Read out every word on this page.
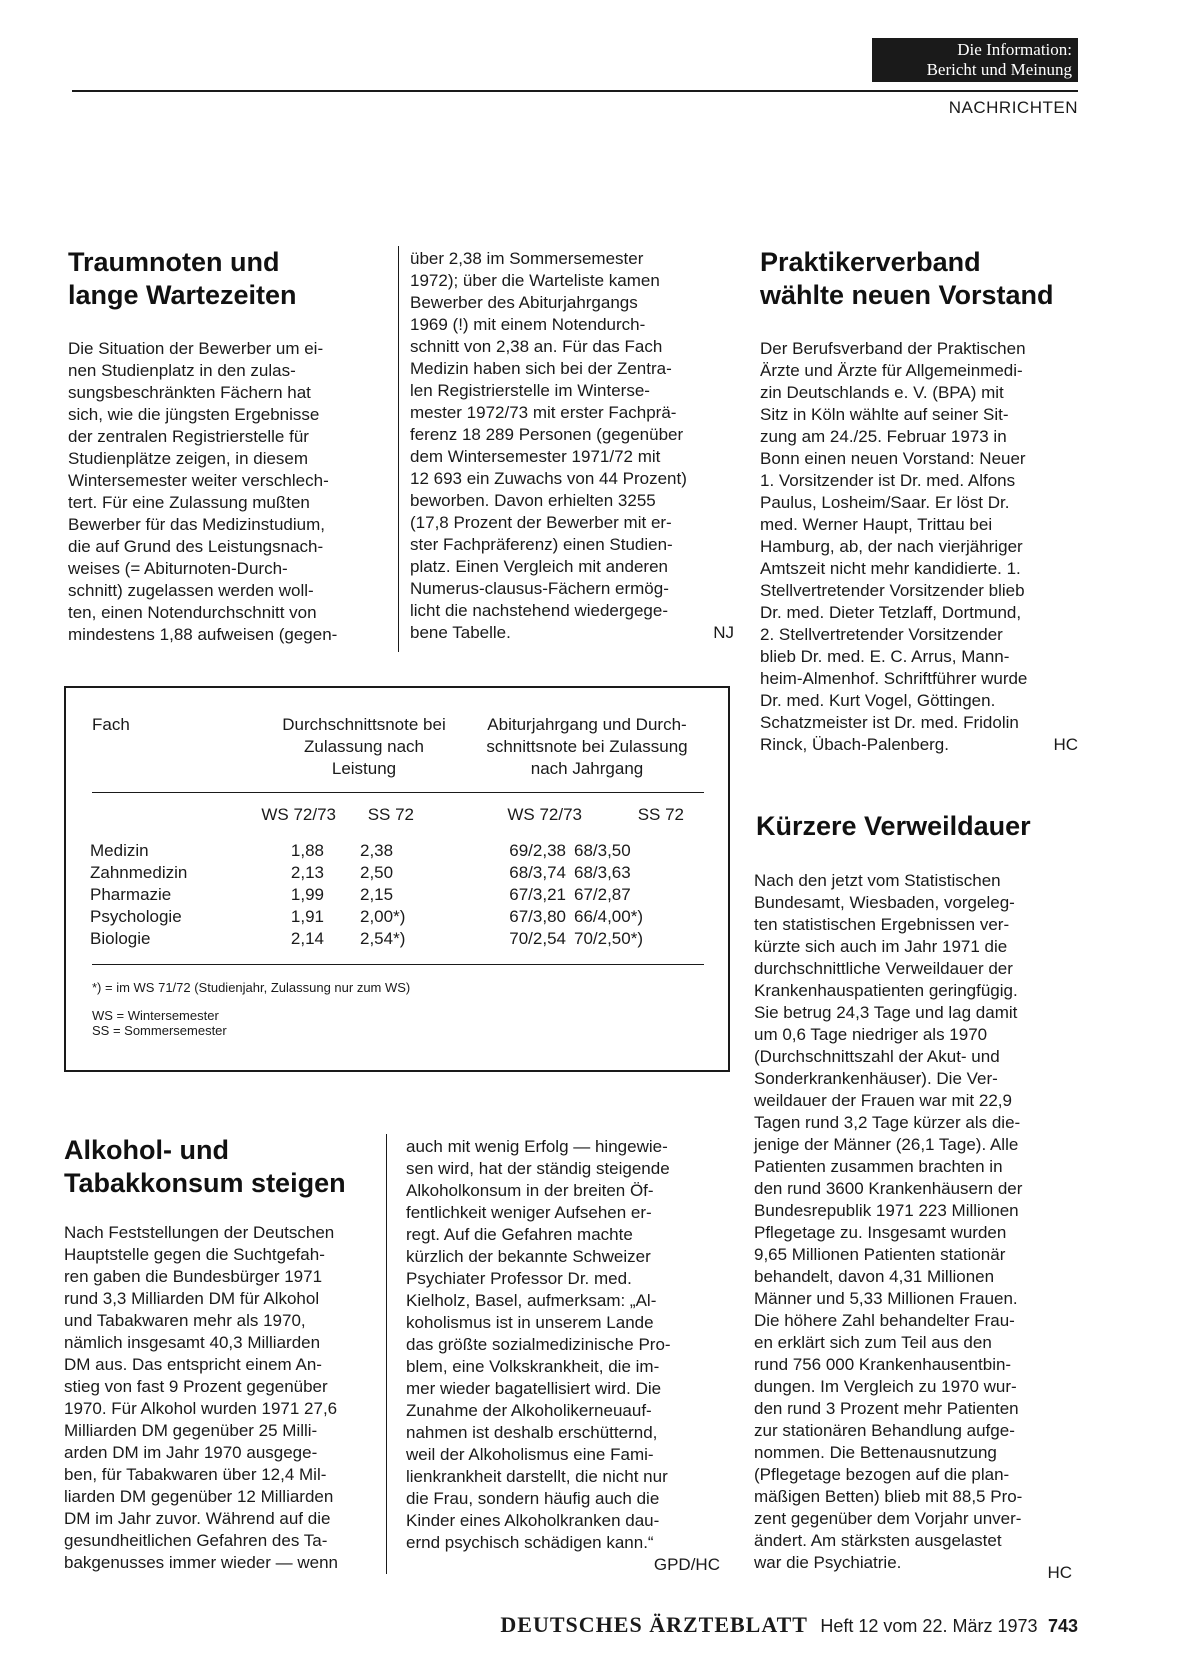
Die Information:
Bericht und Meinung
NACHRICHTEN
Traumnoten und
lange Wartezeiten
Die Situation der Bewerber um ei-
nen Studienplatz in den zulas-
sungsbeschränkten Fächern hat
sich, wie die jüngsten Ergebnisse
der zentralen Registrierstelle für
Studienplätze zeigen, in diesem
Wintersemester weiter verschlech-
tert. Für eine Zulassung mußten
Bewerber für das Medizinstudium,
die auf Grund des Leistungsnach-
weises (= Abiturnoten-Durch-
schnitt) zugelassen werden woll-
ten, einen Notendurchschnitt von
mindestens 1,88 aufweisen (gegen-
über 2,38 im Sommersemester
1972); über die Warteliste kamen
Bewerber des Abiturjahrgangs
1969 (!) mit einem Notendurch-
schnitt von 2,38 an. Für das Fach
Medizin haben sich bei der Zentra-
len Registrierstelle im Winterse-
mester 1972/73 mit erster Fachprä-
ferenz 18 289 Personen (gegenüber
dem Wintersemester 1971/72 mit
12 693 ein Zuwachs von 44 Prozent)
beworben. Davon erhielten 3255
(17,8 Prozent der Bewerber mit er-
ster Fachpräferenz) einen Studien-
platz. Einen Vergleich mit anderen
Numerus-clausus-Fächern ermög-
licht die nachstehend wiedergege-
bene Tabelle.	NJ
Fach	Durchschnittsnote bei
Zulassung nach
Leistung
Abiturjahrgang und Durch-
schnittsnote bei Zulassung
nach Jahrgang
WS 72/73	SS 72	WS 72/73	SS 72
Medizin	1,88 2,38	69/2,38 68/3,50
Zahnmedizin	2,13 2,50	68/3,74 68/3,63
Pharmazie	1,99 2,15	67/3,21 67/2,87
Psychologie	1,91 2,00*)	67/3,80 66/4,00*)
Biologie	2,14 2,54*)	70/2,54 70/2,50*)
*) = im WS 71/72 (Studienjahr, Zulassung nur zum WS)
WS = Wintersemester
SS = Sommersemester
Praktikerverband
wählte neuen Vorstand
Der Berufsverband der Praktischen
Ärzte und Ärzte für Allgemeinmedi-
zin Deutschlands e. V. (BPA) mit
Sitz in Köln wählte auf seiner Sit-
zung am 24./25. Februar 1973 in
Bonn einen neuen Vorstand: Neuer
1. Vorsitzender ist Dr. med. Alfons
Paulus, Losheim/Saar. Er löst Dr.
med. Werner Haupt, Trittau bei
Hamburg, ab, der nach vierjähriger
Amtszeit nicht mehr kandidierte. 1.
Stellvertretender Vorsitzender blieb
Dr. med. Dieter Tetzlaff, Dortmund,
2. Stellvertretender Vorsitzender
blieb Dr. med. E. C. Arrus, Mann-
heim-Almenhof. Schriftführer wurde
Dr. med. Kurt Vogel, Göttingen.
Schatzmeister ist Dr. med. Fridolin
Rinck, Übach-Palenberg.	HC
Kürzere Verweildauer
Nach den jetzt vom Statistischen
Bundesamt, Wiesbaden, vorgeleg-
ten statistischen Ergebnissen ver-
kürzte sich auch im Jahr 1971 die
durchschnittliche Verweildauer der
Krankenhauspatienten geringfügig.
Sie betrug 24,3 Tage und lag damit
um 0,6 Tage niedriger als 1970
(Durchschnittszahl der Akut- und
Sonderkrankenhäuser). Die Ver-
weildauer der Frauen war mit 22,9
Tagen rund 3,2 Tage kürzer als die-
jenige der Männer (26,1 Tage). Alle
Patienten zusammen brachten in
den rund 3600 Krankenhäusern der
Bundesrepublik 1971 223 Millionen
Pflegetage zu. Insgesamt wurden
9,65 Millionen Patienten stationär
behandelt, davon 4,31 Millionen
Männer und 5,33 Millionen Frauen.
Die höhere Zahl behandelter Frau-
en erklärt sich zum Teil aus den
rund 756 000 Krankenhausentbin-
dungen. Im Vergleich zu 1970 wur-
den rund 3 Prozent mehr Patienten
zur stationären Behandlung aufge-
nommen. Die Bettenausnutzung
(Pflegetage bezogen auf die plan-
mäßigen Betten) blieb mit 88,5 Pro-
zent gegenüber dem Vorjahr unver-
ändert. Am stärksten ausgelastet
war die Psychiatrie.
HC
Alkohol- und
Tabakkonsum steigen
Nach Feststellungen der Deutschen
Hauptstelle gegen die Suchtgefah-
ren gaben die Bundesbürger 1971
rund 3,3 Milliarden DM für Alkohol
und Tabakwaren mehr als 1970,
nämlich insgesamt 40,3 Milliarden
DM aus. Das entspricht einem An-
stieg von fast 9 Prozent gegenüber
1970. Für Alkohol wurden 1971 27,6
Milliarden DM gegenüber 25 Milli-
arden DM im Jahr 1970 ausgege-
ben, für Tabakwaren über 12,4 Mil-
liarden DM gegenüber 12 Milliarden
DM im Jahr zuvor. Während auf die
gesundheitlichen Gefahren des Ta-
bakgenusses immer wieder — wenn
auch mit wenig Erfolg — hingewie-
sen wird, hat der ständig steigende
Alkoholkonsum in der breiten Öf-
fentlichkeit weniger Aufsehen er-
regt. Auf die Gefahren machte
kürzlich der bekannte Schweizer
Psychiater Professor Dr. med.
Kielholz, Basel, aufmerksam: „Al-
koholismus ist in unserem Lande
das größte sozialmedizinische Pro-
blem, eine Volkskrankheit, die im-
mer wieder bagatellisiert wird. Die
Zunahme der Alkoholikerneuauf-
nahmen ist deshalb erschütternd,
weil der Alkoholismus eine Fami-
lienkrankheit darstellt, die nicht nur
die Frau, sondern häufig auch die
Kinder eines Alkoholkranken dau-
ernd psychisch schädigen kann.“
GPD/HC
DEUTSCHES ÄRZTEBLATT Heft 12 vom 22. März 1973 743
